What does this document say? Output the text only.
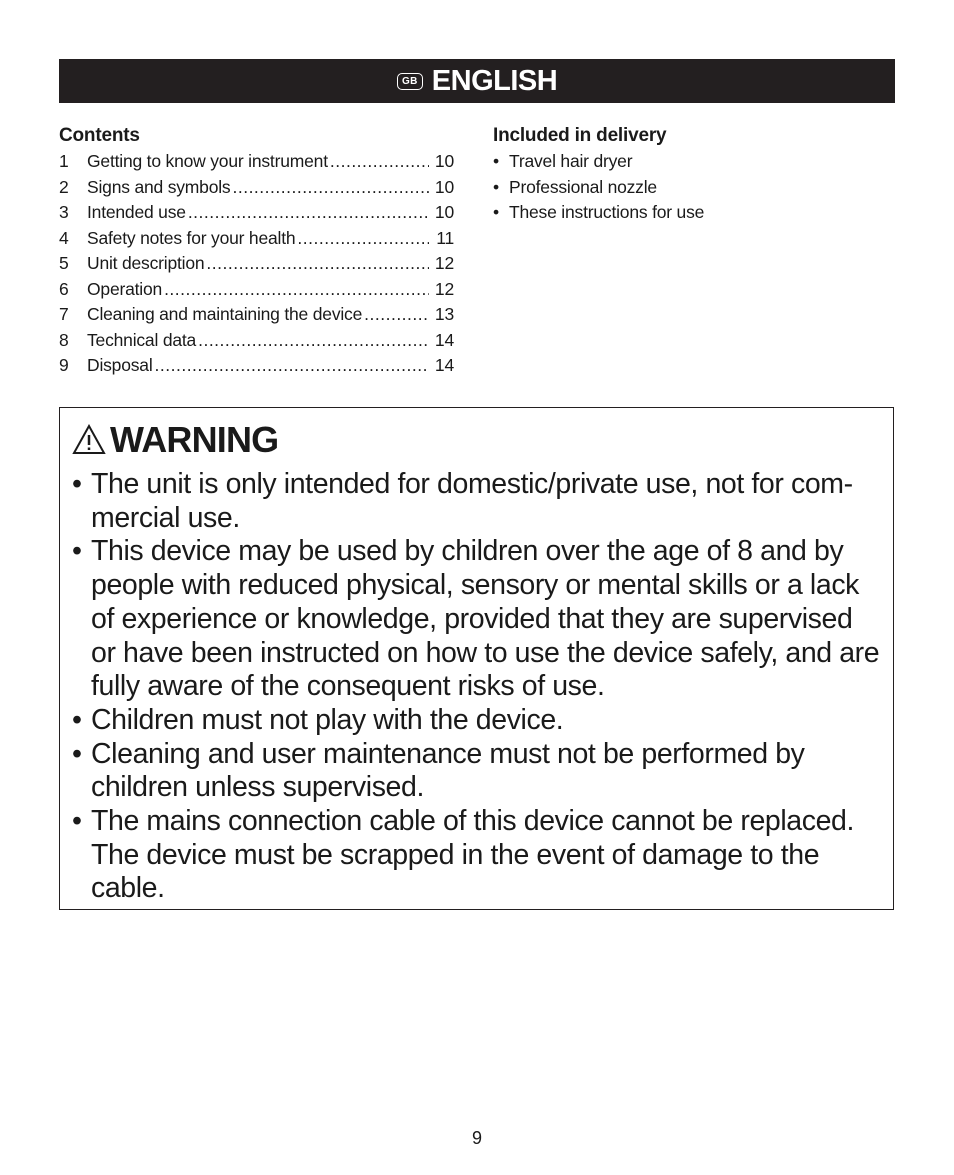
GB ENGLISH
Contents
1	Getting to know your instrument .....	10
2	Signs and symbols .....	10
3	Intended use .....	10
4	Safety notes for your health .....	11
5	Unit description .....	12
6	Operation .....	12
7	Cleaning and maintaining the device .....	13
8	Technical data .....	14
9	Disposal .....	14
Included in delivery
• Travel hair dryer
• Professional nozzle
• These instructions for use
WARNING
• The unit is only intended for domestic/private use, not for com-mercial use.
• This device may be used by children over the age of 8 and by people with reduced physical, sensory or mental skills or a lack of experience or knowledge, provided that they are supervised or have been instructed on how to use the device safely, and are fully aware of the consequent risks of use.
• Children must not play with the device.
• Cleaning and user maintenance must not be performed by children unless supervised.
• The mains connection cable of this device cannot be replaced. The device must be scrapped in the event of damage to the cable.
9
